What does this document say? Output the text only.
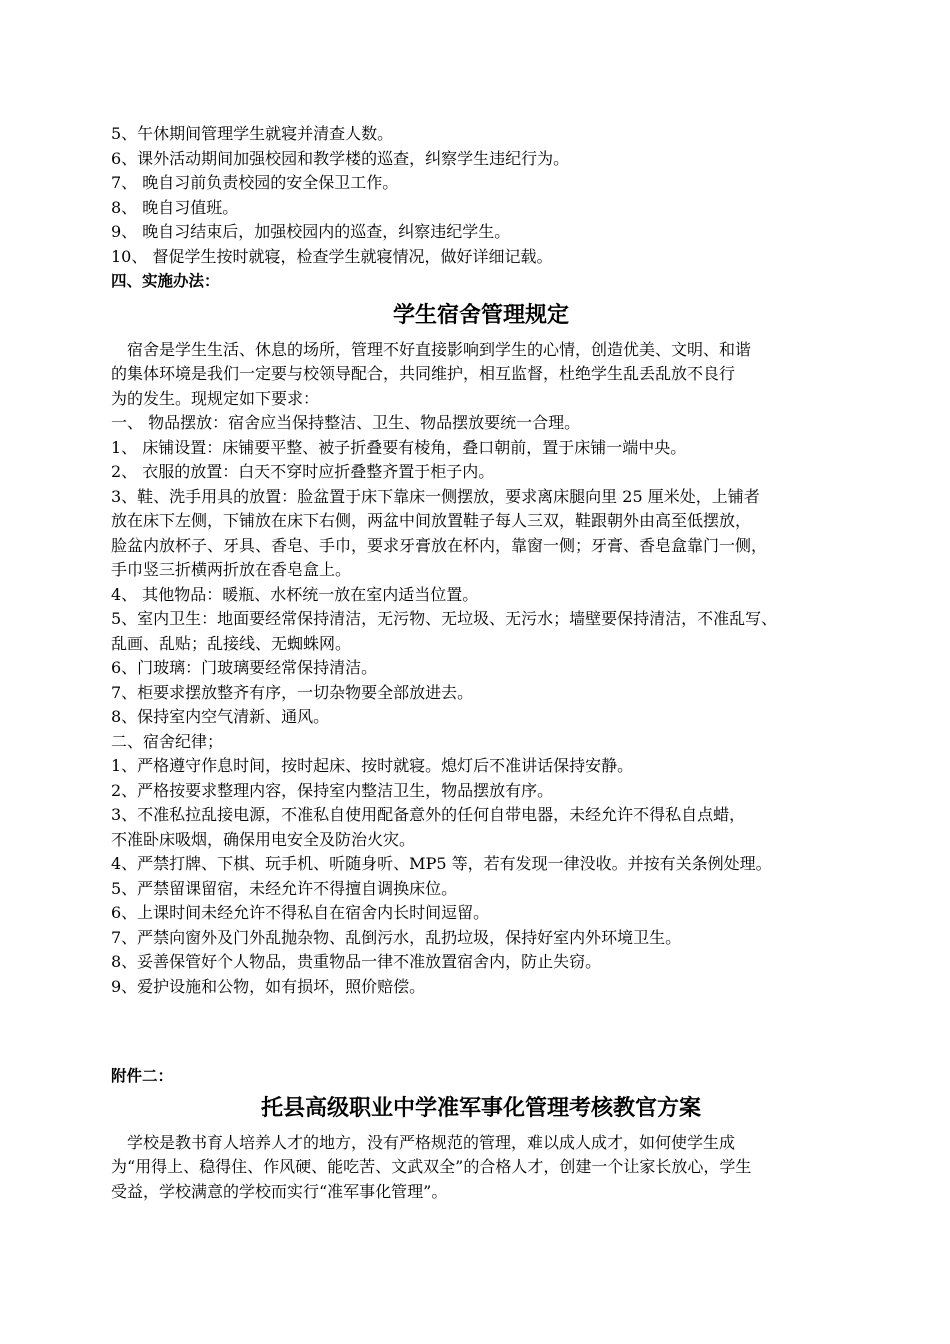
5、午休期间管理学生就寝并清查人数。
6、课外活动期间加强校园和教学楼的巡查，纠察学生违纪行为。
7、 晚自习前负责校园的安全保卫工作。
8、 晚自习值班。
9、 晚自习结束后，加强校园内的巡查，纠察违纪学生。
10、 督促学生按时就寝，检查学生就寝情况，做好详细记载。
四、实施办法：
学生宿舍管理规定
宿舍是学生生活、休息的场所，管理不好直接影响到学生的心情，创造优美、文明、和谐
的集体环境是我们一定要与校领导配合，共同维护，相互监督，杜绝学生乱丢乱放不良行
为的发生。现规定如下要求：
一、 物品摆放：宿舍应当保持整洁、卫生、物品摆放要统一合理。
1、 床铺设置：床铺要平整、被子折叠要有棱角，叠口朝前，置于床铺一端中央。
2、 衣服的放置：白天不穿时应折叠整齐置于柜子内。
3、鞋、洗手用具的放置：脸盆置于床下靠床一侧摆放，要求离床腿向里 25 厘米处，上铺者
放在床下左侧，下铺放在床下右侧，两盆中间放置鞋子每人三双，鞋跟朝外由高至低摆放，
脸盆内放杯子、牙具、香皂、手巾，要求牙膏放在杯内，靠窗一侧；牙膏、香皂盒靠门一侧，
手巾竖三折横两折放在香皂盒上。
4、 其他物品：暖瓶、水杯统一放在室内适当位置。
5、室内卫生：地面要经常保持清洁，无污物、无垃圾、无污水；墙壁要保持清洁，不准乱写、
乱画、乱贴；乱接线、无蜘蛛网。
6、门玻璃：门玻璃要经常保持清洁。
7、柜要求摆放整齐有序，一切杂物要全部放进去。
8、保持室内空气清新、通风。
二、宿舍纪律；
1、严格遵守作息时间，按时起床、按时就寝。熄灯后不准讲话保持安静。
2、严格按要求整理内容，保持室内整洁卫生，物品摆放有序。
3、不准私拉乱接电源，不准私自使用配备意外的任何自带电器，未经允许不得私自点蜡，
不准卧床吸烟，确保用电安全及防治火灾。
4、严禁打牌、下棋、玩手机、听随身听、MP5 等，若有发现一律没收。并按有关条例处理。
5、严禁留课留宿，未经允许不得擅自调换床位。
6、上课时间未经允许不得私自在宿舍内长时间逗留。
7、严禁向窗外及门外乱抛杂物、乱倒污水，乱扔垃圾，保持好室内外环境卫生。
8、妥善保管好个人物品，贵重物品一律不准放置宿舍内，防止失窃。
9、爱护设施和公物，如有损坏，照价赔偿。
附件二：
托县高级职业中学准军事化管理考核教官方案
学校是教书育人培养人才的地方，没有严格规范的管理，难以成人成才，如何使学生成
为“用得上、稳得住、作风硬、能吃苦、文武双全”的合格人才，创建一个让家长放心，学生
受益，学校满意的学校而实行“准军事化管理”。
